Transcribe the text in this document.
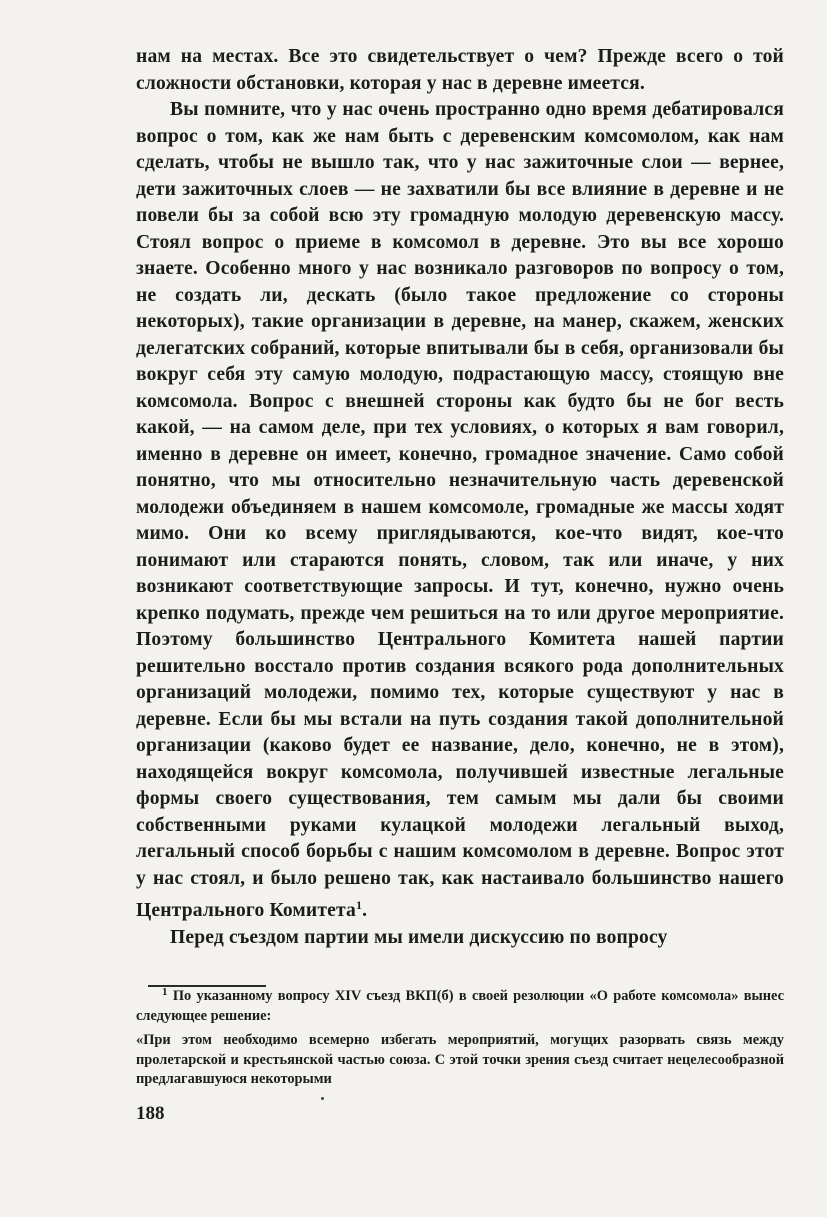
нам на местах. Все это свидетельствует о чем? Прежде всего о той сложности обстановки, которая у нас в деревне имеется.

Вы помните, что у нас очень пространно одно время дебатировался вопрос о том, как же нам быть с деревенским комсомолом, как нам сделать, чтобы не вышло так, что у нас зажиточные слои — вернее, дети зажиточных слоев — не захватили бы все влияние в деревне и не повели бы за собой всю эту громадную молодую деревенскую массу. Стоял вопрос о приеме в комсомол в деревне. Это вы все хорошо знаете. Особенно много у нас возникало разговоров по вопросу о том, не создать ли, дескать (было такое предложение со стороны некоторых), такие организации в деревне, на манер, скажем, женских делегатских собраний, которые впитывали бы в себя, организовали бы вокруг себя эту самую молодую, подрастающую массу, стоящую вне комсомола. Вопрос с внешней стороны как будто бы не бог весть какой, — на самом деле, при тех условиях, о которых я вам говорил, именно в деревне он имеет, конечно, громадное значение. Само собой понятно, что мы относительно незначительную часть деревенской молодежи объединяем в нашем комсомоле, громадные же массы ходят мимо. Они ко всему приглядываются, кое-что видят, кое-что понимают или стараются понять, словом, так или иначе, у них возникают соответствующие запросы. И тут, конечно, нужно очень крепко подумать, прежде чем решиться на то или другое мероприятие. Поэтому большинство Центрального Комитета нашей партии решительно восстало против создания всякого рода дополнительных организаций молодежи, помимо тех, которые существуют у нас в деревне. Если бы мы встали на путь создания такой дополнительной организации (каково будет ее название, дело, конечно, не в этом), находящейся вокруг комсомола, получившей известные легальные формы своего существования, тем самым мы дали бы своими собственными руками кулацкой молодежи легальный выход, легальный способ борьбы с нашим комсомолом в деревне. Вопрос этот у нас стоял, и было решено так, как настаивало большинство нашего Центрального Комитета$^1$.

Перед съездом партии мы имели дискуссию по вопросу

$^1$ По указанному вопросу XIV съезд ВКП(б) в своей резолюции «О работе комсомола» вынес следующее решение:

«При этом необходимо всемерно избегать мероприятий, могущих разорвать связь между пролетарской и крестьянской частью союза. С этой точки зрения съезд считает нецелесообразной предлагавшуюся некоторыми

188
